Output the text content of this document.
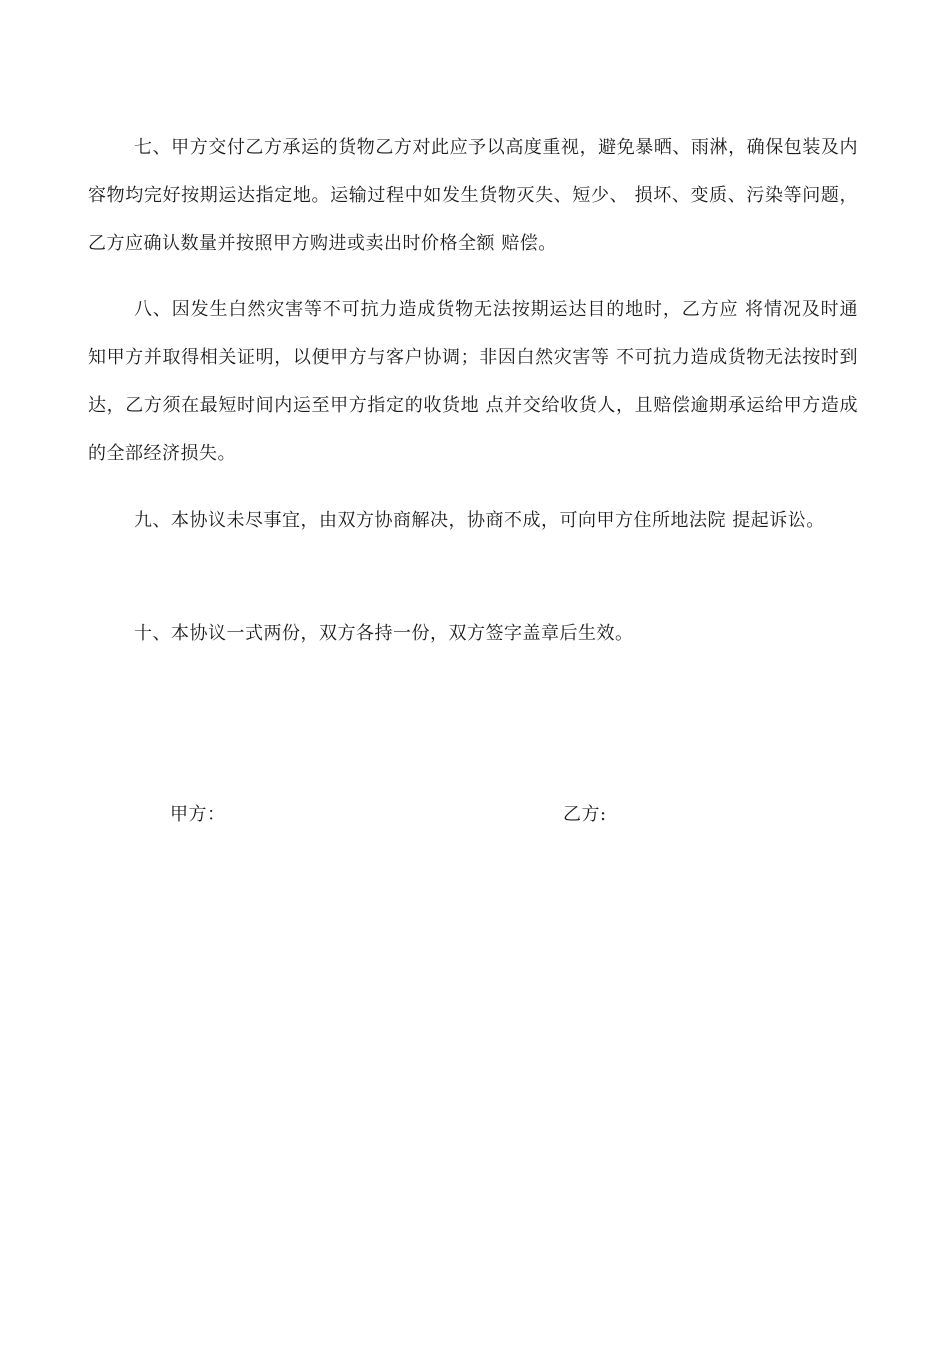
七、甲方交付乙方承运的货物乙方对此应予以高度重视，避免暴晒、雨淋，确保包装及内容物均完好按期运达指定地。运输过程中如发生货物灭失、短少、 损坏、变质、污染等问题，乙方应确认数量并按照甲方购进或卖出时价格全额 赔偿。

八、因发生白然灾害等不可抗力造成货物无法按期运达目的地时，乙方应 将情况及时通知甲方并取得相关证明，以便甲方与客户协调；非因白然灾害等 不可抗力造成货物无法按时到达，乙方须在最短时间内运至甲方指定的收货地 点并交给收货人，且赔偿逾期承运给甲方造成的全部经济损失。

九、本协议未尽事宜，由双方协商解决，协商不成，可向甲方住所地法院 提起诉讼。

十、本协议一式两份，双方各持一份，双方签字盖章后生效。

甲方：	乙方:
